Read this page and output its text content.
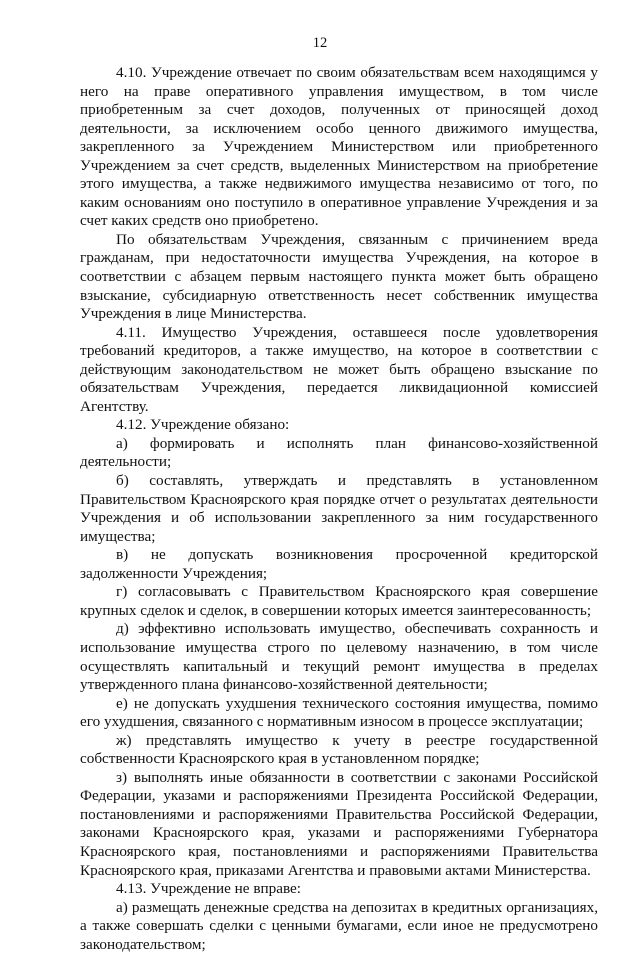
12

4.10. Учреждение отвечает по своим обязательствам всем находящимся у него на праве оперативного управления имуществом, в том числе приобретенным за счет доходов, полученных от приносящей доход деятельности, за исключением особо ценного движимого имущества, закрепленного за Учреждением Министерством или приобретенного Учреждением за счет средств, выделенных Министерством на приобретение этого имущества, а также недвижимого имущества независимо от того, по каким основаниям оно поступило в оперативное управление Учреждения и за счет каких средств оно приобретено.

По обязательствам Учреждения, связанным с причинением вреда гражданам, при недостаточности имущества Учреждения, на которое в соответствии с абзацем первым настоящего пункта может быть обращено взыскание, субсидиарную ответственность несет собственник имущества Учреждения в лице Министерства.

4.11. Имущество Учреждения, оставшееся после удовлетворения требований кредиторов, а также имущество, на которое в соответствии с действующим законодательством не может быть обращено взыскание по обязательствам Учреждения, передается ликвидационной комиссией Агентству.

4.12. Учреждение обязано:

а) формировать и исполнять план финансово-хозяйственной деятельности;

б) составлять, утверждать и представлять в установленном Правительством Красноярского края порядке отчет о результатах деятельности Учреждения и об использовании закрепленного за ним государственного имущества;

в) не допускать возникновения просроченной кредиторской задолженности Учреждения;

г) согласовывать с Правительством Красноярского края совершение крупных сделок и сделок, в совершении которых имеется заинтересованность;

д) эффективно использовать имущество, обеспечивать сохранность и использование имущества строго по целевому назначению, в том числе осуществлять капитальный и текущий ремонт имущества в пределах утвержденного плана финансово-хозяйственной деятельности;

е) не допускать ухудшения технического состояния имущества, помимо его ухудшения, связанного с нормативным износом в процессе эксплуатации;

ж) представлять имущество к учету в реестре государственной собственности Красноярского края в установленном порядке;

з) выполнять иные обязанности в соответствии с законами Российской Федерации, указами и распоряжениями Президента Российской Федерации, постановлениями и распоряжениями Правительства Российской Федерации, законами Красноярского края, указами и распоряжениями Губернатора Красноярского края, постановлениями и распоряжениями Правительства Красноярского края, приказами Агентства и правовыми актами Министерства.

4.13. Учреждение не вправе:

а) размещать денежные средства на депозитах в кредитных организациях, а также совершать сделки с ценными бумагами, если иное не предусмотрено законодательством;
